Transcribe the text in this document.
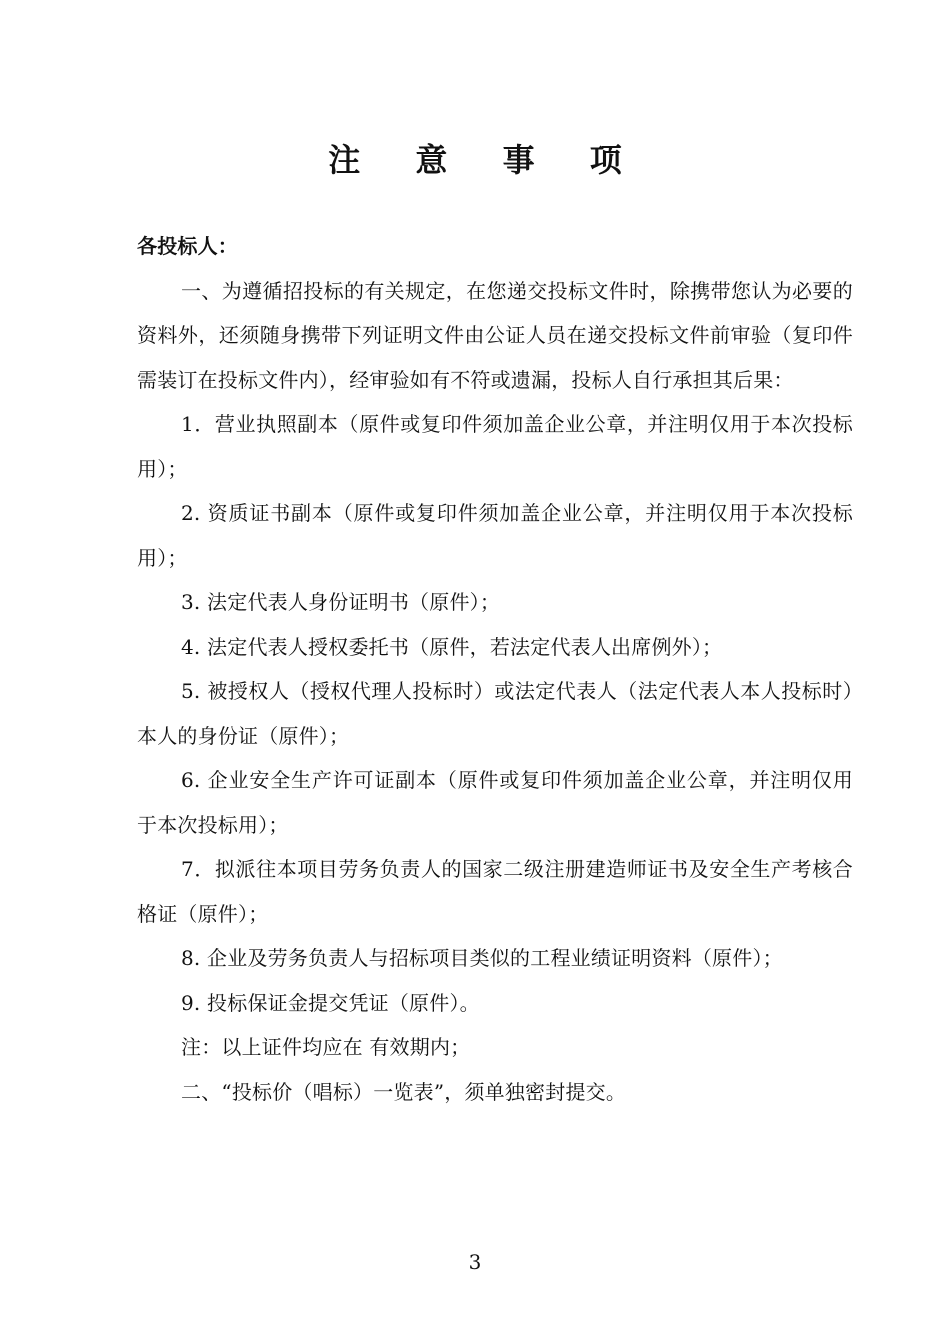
注 意 事 项

各投标人：

一、为遵循招投标的有关规定，在您递交投标文件时，除携带您认为必要的资料外，还须随身携带下列证明文件由公证人员在递交投标文件前审验（复印件需装订在投标文件内），经审验如有不符或遗漏，投标人自行承担其后果：

1．营业执照副本（原件或复印件须加盖企业公章，并注明仅用于本次投标用）；

2. 资质证书副本（原件或复印件须加盖企业公章，并注明仅用于本次投标用）；

3. 法定代表人身份证明书（原件）；

4. 法定代表人授权委托书（原件，若法定代表人出席例外）；

5. 被授权人（授权代理人投标时）或法定代表人（法定代表人本人投标时）本人的身份证（原件）；

6. 企业安全生产许可证副本（原件或复印件须加盖企业公章，并注明仅用于本次投标用）；

7．拟派往本项目劳务负责人的国家二级注册建造师证书及安全生产考核合格证（原件）；

8. 企业及劳务负责人与招标项目类似的工程业绩证明资料（原件）；

9. 投标保证金提交凭证（原件）。

注：以上证件均应在 有效期内；

二、“投标价（唱标）一览表”，须单独密封提交。

3
